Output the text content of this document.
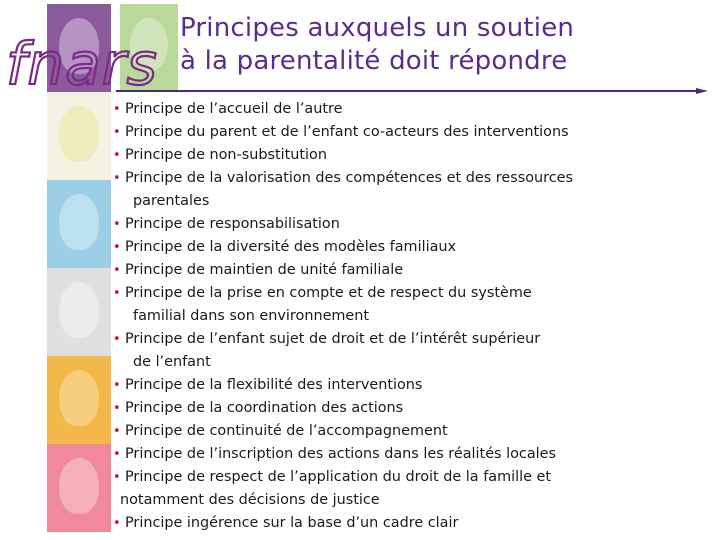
fnars
Principes auxquels un soutien
à la parentalité doit répondre
• Principe de l’accueil de l’autre
• Principe du parent et de l’enfant co-acteurs des interventions
• Principe de non-substitution
• Principe de la valorisation des compétences et des ressources
parentales
• Principe de responsabilisation
• Principe de la diversité des modèles familiaux
• Principe de maintien de unité familiale
• Principe de la prise en compte et de respect du système
familial dans son environnement
• Principe de l’enfant sujet de droit et de l’intérêt supérieur
de l’enfant
• Principe de la flexibilité des interventions
• Principe de la coordination des actions
• Principe de continuité de l’accompagnement
• Principe de l’inscription des actions dans les réalités locales
• Principe de respect de l’application du droit de la famille et
notamment des décisions de justice
• Principe ingérence sur la base d’un cadre clair
